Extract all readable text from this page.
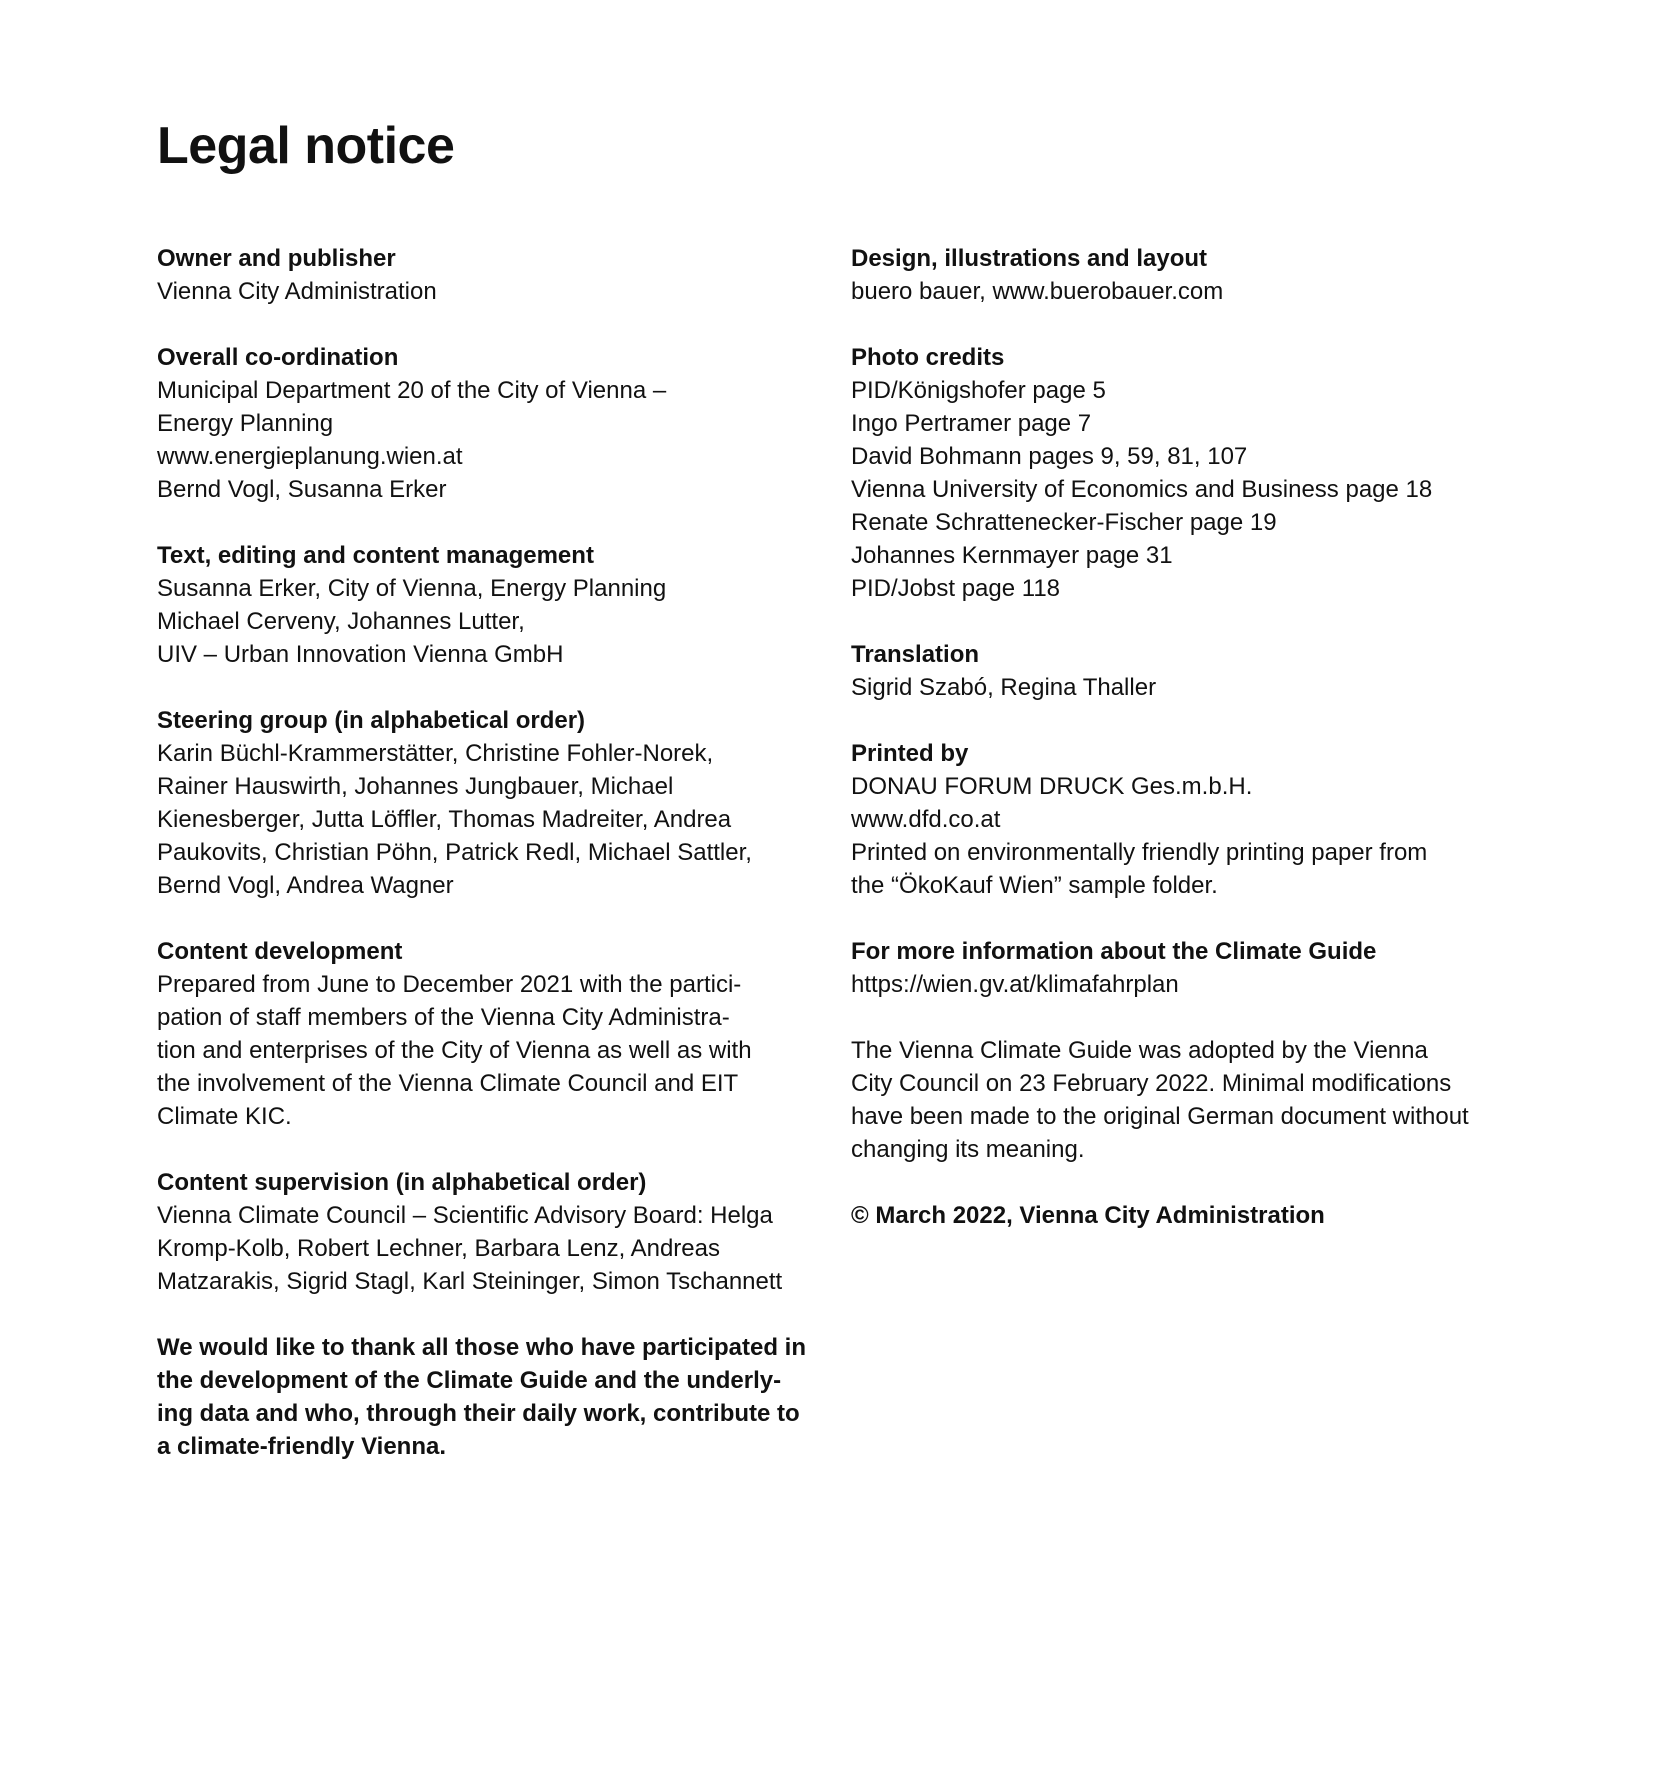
Legal notice
Owner and publisher
Vienna City Administration
Overall co-ordination
Municipal Department 20 of the City of Vienna –
Energy Planning
www.energieplanung.wien.at
Bernd Vogl, Susanna Erker
Text, editing and content management
Susanna Erker, City of Vienna, Energy Planning
Michael Cerveny, Johannes Lutter,
UIV – Urban Innovation Vienna GmbH
Steering group (in alphabetical order)
Karin Büchl-Krammerstätter, Christine Fohler-Norek,
Rainer Hauswirth, Johannes Jungbauer, Michael
Kienesberger, Jutta Löffler, Thomas Madreiter, Andrea
Paukovits, Christian Pöhn, Patrick Redl, Michael Sattler,
Bernd Vogl, Andrea Wagner
Content development
Prepared from June to December 2021 with the partici-
pation of staff members of the Vienna City Administra-
tion and enterprises of the City of Vienna as well as with
the involvement of the Vienna Climate Council and EIT
Climate KIC.
Content supervision (in alphabetical order)
Vienna Climate Council – Scientific Advisory Board: Helga
Kromp-Kolb, Robert Lechner, Barbara Lenz, Andreas
Matzarakis, Sigrid Stagl, Karl Steininger, Simon Tschannett
We would like to thank all those who have participated in
the development of the Climate Guide and the underly-
ing data and who, through their daily work, contribute to
a climate-friendly Vienna.
Design, illustrations and layout
buero bauer, www.buerobauer.com
Photo credits
PID/Königshofer page 5
Ingo Pertramer page 7
David Bohmann pages 9, 59, 81, 107
Vienna University of Economics and Business page 18
Renate Schrattenecker-Fischer page 19
Johannes Kernmayer page 31
PID/Jobst page 118
Translation
Sigrid Szabó, Regina Thaller
Printed by
DONAU FORUM DRUCK Ges.m.b.H.
www.dfd.co.at
Printed on environmentally friendly printing paper from
the “ÖkoKauf Wien” sample folder.
For more information about the Climate Guide
https://wien.gv.at/klimafahrplan
The Vienna Climate Guide was adopted by the Vienna
City Council on 23 February 2022. Minimal modifications
have been made to the original German document without
changing its meaning.
© March 2022, Vienna City Administration
